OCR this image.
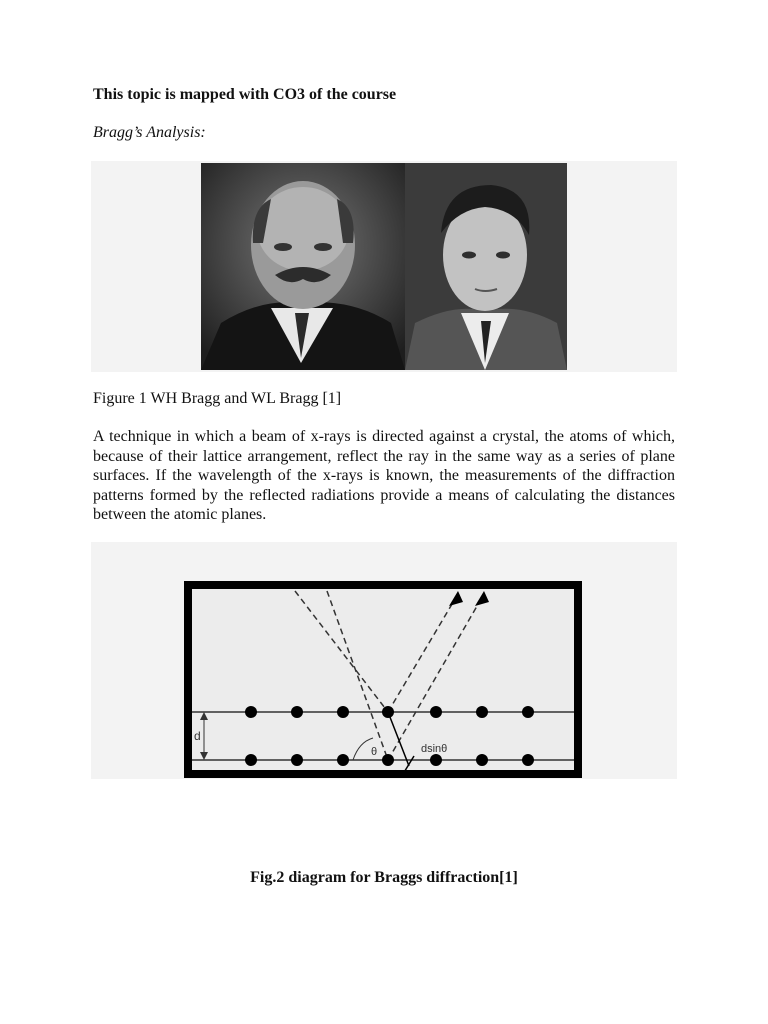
This topic is mapped with CO3 of the course
Bragg’s Analysis:
Figure 1 WH Bragg and WL Bragg [1]
A technique in which a beam of x-rays is directed against a crystal, the atoms of which, because of their lattice arrangement, reflect the ray in the same way as a series of plane surfaces. If the wavelength of the x-rays is known, the measurements of the diffraction patterns formed by the reflected radiations provide a means of calculating the distances between the atomic planes.
d
θ	dsinθ
Fig.2 diagram for Braggs diffraction[1]
